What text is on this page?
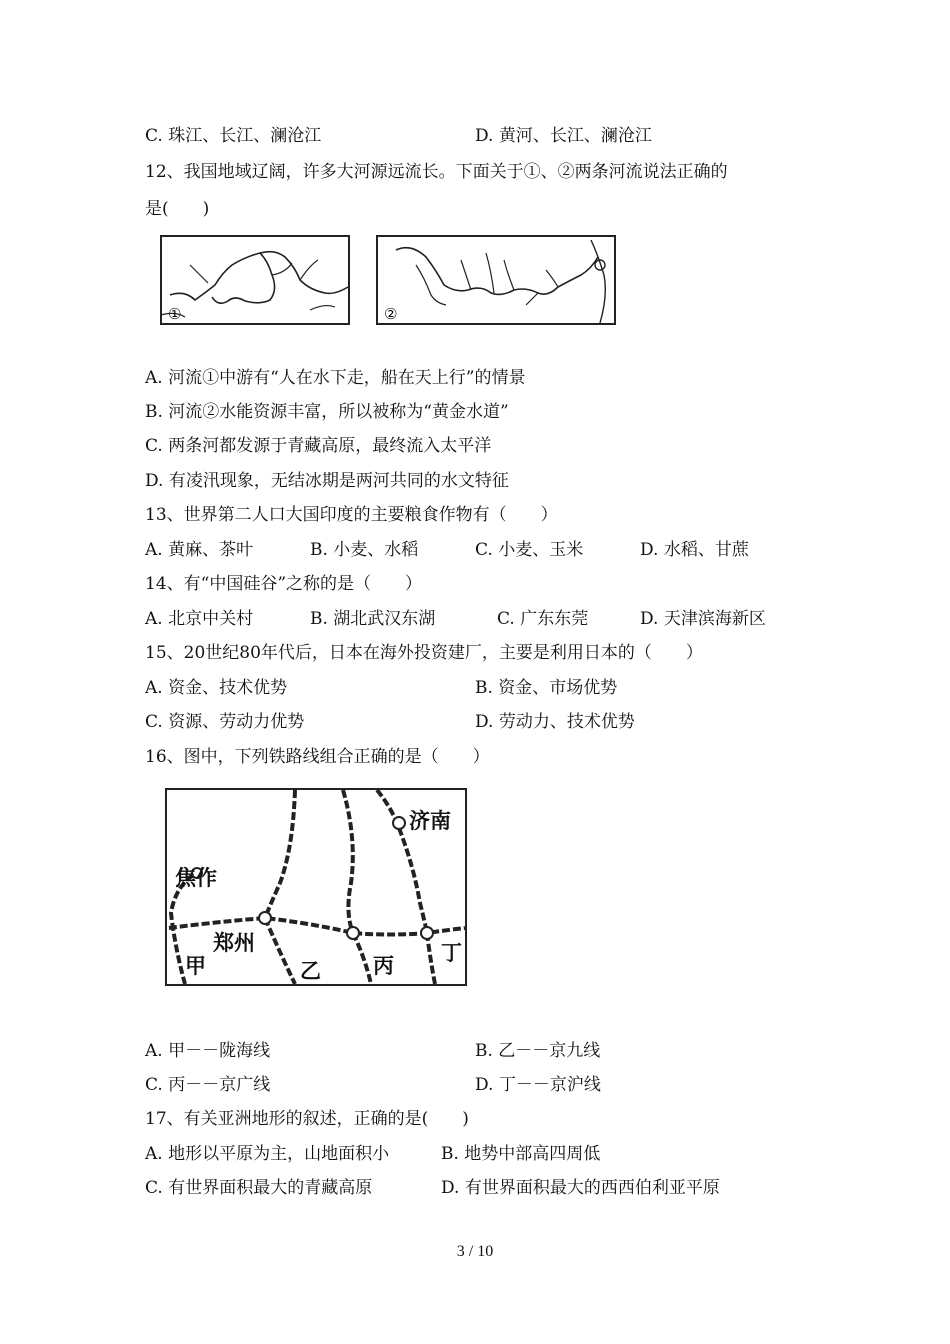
C. 珠江、长江、澜沧江	D. 黄河、长江、澜沧江
12、我国地域辽阔，许多大河源远流长。下面关于①、②两条河流说法正确的
是(　　)
①	②
A. 河流①中游有“人在水下走，船在天上行”的情景
B. 河流②水能资源丰富，所以被称为“黄金水道”
C. 两条河都发源于青藏高原，最终流入太平洋
D. 有凌汛现象，无结冰期是两河共同的水文特征
13、世界第二人口大国印度的主要粮食作物有（　　）
A. 黄麻、茶叶	B. 小麦、水稻	C. 小麦、玉米	D. 水稻、甘蔗
14、有“中国硅谷”之称的是（　　）
A. 北京中关村	B. 湖北武汉东湖	C. 广东东莞	D. 天津滨海新区
15、20世纪80年代后，日本在海外投资建厂，主要是利用日本的（　　）
A. 资金、技术优势	B. 资金、市场优势
C. 资源、劳动力优势	D. 劳动力、技术优势
16、图中，下列铁路线组合正确的是（　　）
济南
焦作
郑州
甲	乙 丙
丁
A. 甲－－陇海线	B. 乙－－京九线
C. 丙－－京广线	D. 丁－－京沪线
17、有关亚洲地形的叙述，正确的是(　　)
A. 地形以平原为主，山地面积小	B. 地势中部高四周低
C. 有世界面积最大的青藏高原	D. 有世界面积最大的西西伯利亚平原
3 / 10
